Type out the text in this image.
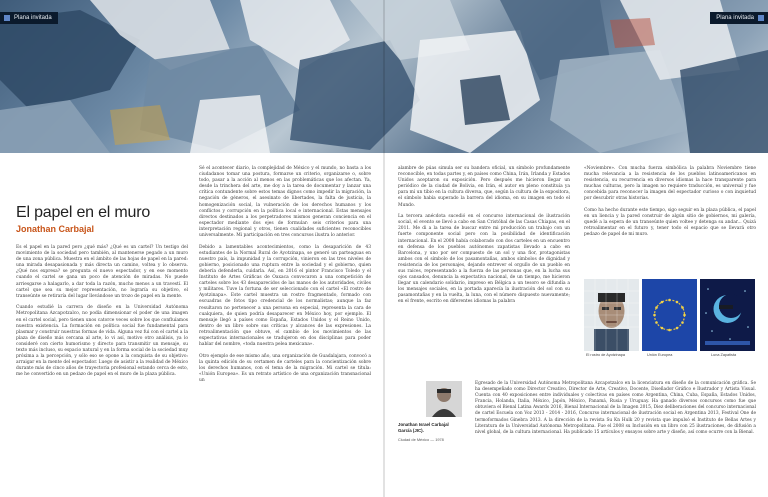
Plana invitada	Plana invitada
El papel en el muro
Jonathan Carbajal

Es el papel en la pared pero ¿qué más? ¿Qué es un cartel? Un testigo del movimiento de la sociedad pero también, al mantenerse pegado a un muro de una zona pública. Muestra en el ámbito de las hojas de papel en la pared: una mirada desapasionada y más directa un camino, voltea y lo observa. ¿Qué nos expresa? se pregunta el nuevo espectador, y en ese momento cuando el cartel se gana un poco de atención de miradas. No puede arriesgarse a halagarlo, a dar toda la razón, mucho menos a un travestí. El cartel que sea su mejor representación, no lograría su objetivo, el transeúnte se retiraría del lugar llevándose un trozo de papel en la mente.

Cuando estudié la carrera de diseño en la Universidad Autónoma Metropolitana Azcapotzalco, no podía dimensionar el poder de una imagen en el cartel social, pero tienen unos catorce veces sobre los que confluíamos nuestra existencia. La formación en política social fue fundamental para plasmar y construir nuestras formas de vida. Alguna vez fui con el cartel a la plaza de diseño más cercana al arte, lo vi así, motivo otro análisis, ya lo consideré con cierto humorismo y directo para transmitir un mensaje, su texto más incluso, su espacio natural y en la forma social de la sociedad muy próxima a la percepción, y sólo eso se opone a la conquista de su objetivo: arraigar en la mente del espectador. Luego de asistir a la realidad de México durante más de cinco años de trayectoria profesional estando cerca de esto, me he convertido en un pedazo de papel en el muro de la plaza pública.

Sé el acontecer diario, la complejidad de México y el mundo, no basta a los ciudadanos tomar una postura, formarse un criterio, organizarse o, sobre todo, pasar a la acción al menos en las problemáticas que los afectan. Ya, desde la trinchera del arte, me doy a la tarea de documentar y lanzar una crítica contundente sobre estos temas dignos como impedir la migración, la negación de géneros, el asesinato de libertades, la falta de justicia, la homogenización social, la vulneración de los derechos humanos y los conflictos y corrupción en la política local e internacional. Estas mensajes directos destinados a los perpetradores mismos generan conciencia en el espectador mediante dos ejes de formular: seis criterios para una interpretación regional y otros, tienen cualidades suficientes reconocibles universalmente. Mi participación en tres concursos ilustra lo anterior.

Debido a lamentables acontecimientos, como la desaparición de 43 estudiantes de la Normal Rural de Ayotzinapa, se generó un parteaguas en nuestro país, la impunidad y la corrupción, vinieron en las tres niveles de gobierno, posicionado una ruptura entre la sociedad y el gobierno, quien debería defenderla, cuidarla. Así, en 2016 el pintor Francisco Toledo y el Instituto de Artes Gráficas de Oaxaca convocaron a una competición de carteles sobre los 43 desaparecidos de las manos de los autoridades, civiles y militares. Tuve la fortuna de ser seleccionado con el cartel «El rostro de Ayotzinapa». Este cartel muestra un rostro fragmentado, formado con escuadras de fotos tipo credencial de los normalistas; aunque la faz resultaron no pertenecer a una persona en especial, representa la cara de cualquiera, de quien podría desaparecer en México hoy, por ejemplo. El mensaje llegó a países como España, Estados Unidos y el Reino Unido, dentro de un libro sobre sus críticas y alcances de las expresiones. La retroalimentación que obtuve, el cambio de los movimientos de las expectativas internacionales se tradujeron en dos disciplinas para poder hablar del nombre, «toda nuestra pelea mexicana».

Otro ejemplo de ese mismo año, una organización de Guadalajara, convocó a la quinta edición de su certamen de carteles para la concientización sobre los derechos humanos, con el tema de la migración. Mi cartel se titula: «Unión Europea». Es un retrato artístico de una organización transnacional un

alambre de púas simula ser su bandera oficial, un símbolo profundamente reconocible, en todas partes y, en países como China, Irán, Irlanda y Estados Unidos aceptaron su exposición. Pero después me hicieron llegar un periódico de la ciudad de Bolivia, en Irán, el autor en pleno constituía ya para mí un tibio en la cultura diversa, que, según la cultura de la expositora, el símbolo había superado la barrera del idioma, en su imagen en todo el Mundo.

La tercera anécdota sucedió en el concurso internacional de ilustración social, el evento se llevó a cabo en San Cristóbal de las Casas Chiapas, en el 2011. Me di a la tarea de buscar entre mi producción un trabajo con un fuerte componente social pero con la posibilidad de identificación internacional. En el 2008 había colaborado con dos carteles en un encuentro en defensa de los pueblos autónomos zapatistas llevado a cabo en Barcelona, y uno por ser compuesto de un sol y una flor, protagonistas ambos con el símbolo de los pasamontañas, ambos símbolos de dignidad y resistencia de los personajes, dejando entrever el orgullo de un pueblo en sus raíces, representando a la fuerza de las personas que, en la lucha sus ojos cansados, denuncia la expectativa nacional, de un tiempo, me hicieron llegar un calendario solidario, impreso en Bélgica a un tesoro se difundía a los mensajes sociales, en la portada aparecía la ilustración del sol con su pasamontañas y en la vuelta, la luna, con el número dispuesto nuevamente; en el frente, escrito en diferentes idiomas la palabra

«Noviembre». Con mucha fuerza simbólica la palabra Noviembre tiene mucha relevancia a la resistencia de los pueblos latinoamericanos en resistencia, su recurrencia en diversos idiomas la hace transparente para muchas culturas, pero la imagen no requiere traducción, es universal y fue concebida para reconocer la imagen del espectador curioso o con inquietud por descubrir otras historias.

Como ha hecho durante este tiempo, sigo seguir en la plaza pública, el papel en un liencia y la pared construir de algún sitio de gobiernos, mi galería, quedé a la espera de un transeúnte quien voltee y detenga su andar... Quizá retroalimentar en el futuro y, tener todo el espacio que se llevará otro pedazo de papel de mi muro.

El rostro de Ayotzinapa	Unión Europea	Luna Zapatista
Jonathan Israel Carbajal García (JIC).
Ciudad de México — 1978
Egresado de la Universidad Autónoma Metropolitana Azcapotzalco en la licenciatura en diseño de la comunicación gráfica. Se ha desempeñado como Director Creativo, Director de Arte, Creativo, Docente, Diseñador Gráfico e Ilustrador y Artista Visual. Cuenta con 40 exposiciones entre individuales y colectivas en países como Argentina, China, Cuba, España, Estados Unidos, Francia, Holanda, Italia, México, Japón, México, Panamá, Rusia y Uruguay. Ha ganado diversos concursos como fue que obtuviera el Bienal Latina Awards 2016, Bienal Internacional de la Imagen 2015, Diez deliberaciones del concurso internacional de cartel Escuela con Voz 2013 - 2014 - 2016, Concurso internacional de ilustración social en Argentina 2013, Festival One de termoformados Ginebra 2013. A la dirección de la revista Su Kn Hulk 20 y revista que impulsó el Instituto de Bellas Artes y Literatura de la Universidad Autónoma Metropolitana. Fue el 2008 su Inclusión en un libro con 25 ilustraciones, de difusión a nivel global, de la cultura internacional. Ha publicado 15 artículos y ensayos sobre arte y diseño, así como ocurre con la Bienal.
